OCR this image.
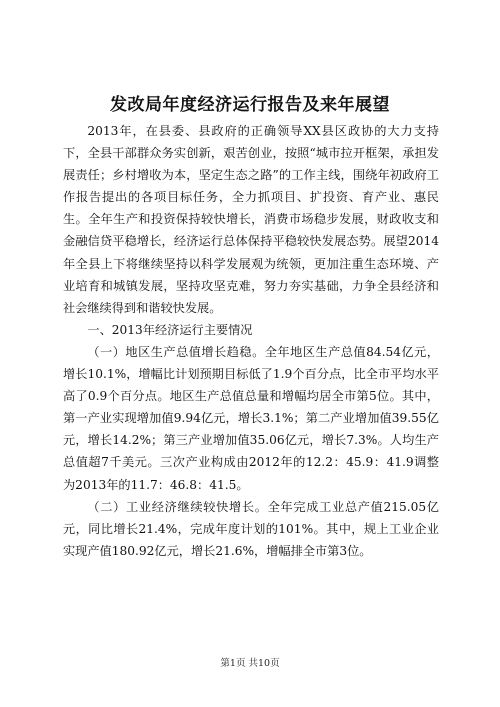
发改局年度经济运行报告及来年展望

2013年，在县委、县政府的正确领导XX县区政协的大力支持下，全县干部群众务实创新，艰苦创业，按照“城市拉开框架，承担发展责任；乡村增收为本，坚定生态之路”的工作主线，围绕年初政府工作报告提出的各项目标任务，全力抓项目、扩投资、育产业、惠民生。全年生产和投资保持较快增长，消费市场稳步发展，财政收支和金融信贷平稳增长，经济运行总体保持平稳较快发展态势。展望2014年全县上下将继续坚持以科学发展观为统领，更加注重生态环境、产业培育和城镇发展，坚持攻坚克难，努力夯实基础，力争全县经济和社会继续得到和谐较快发展。

一、2013年经济运行主要情况

（一）地区生产总值增长趋稳。全年地区生产总值84.54亿元，增长10.1%，增幅比计划预期目标低了1.9个百分点，比全市平均水平高了0.9个百分点。地区生产总值总量和增幅均居全市第5位。其中，第一产业实现增加值9.94亿元，增长3.1%；第二产业增加值39.55亿元，增长14.2%；第三产业增加值35.06亿元，增长7.3%。人均生产总值超7千美元。三次产业构成由2012年的12.2：45.9：41.9调整为2013年的11.7：46.8：41.5。

（二）工业经济继续较快增长。全年完成工业总产值215.05亿元，同比增长21.4%，完成年度计划的101%。其中，规上工业企业实现产值180.92亿元，增长21.6%，增幅排全市第3位。

第1页 共10页
